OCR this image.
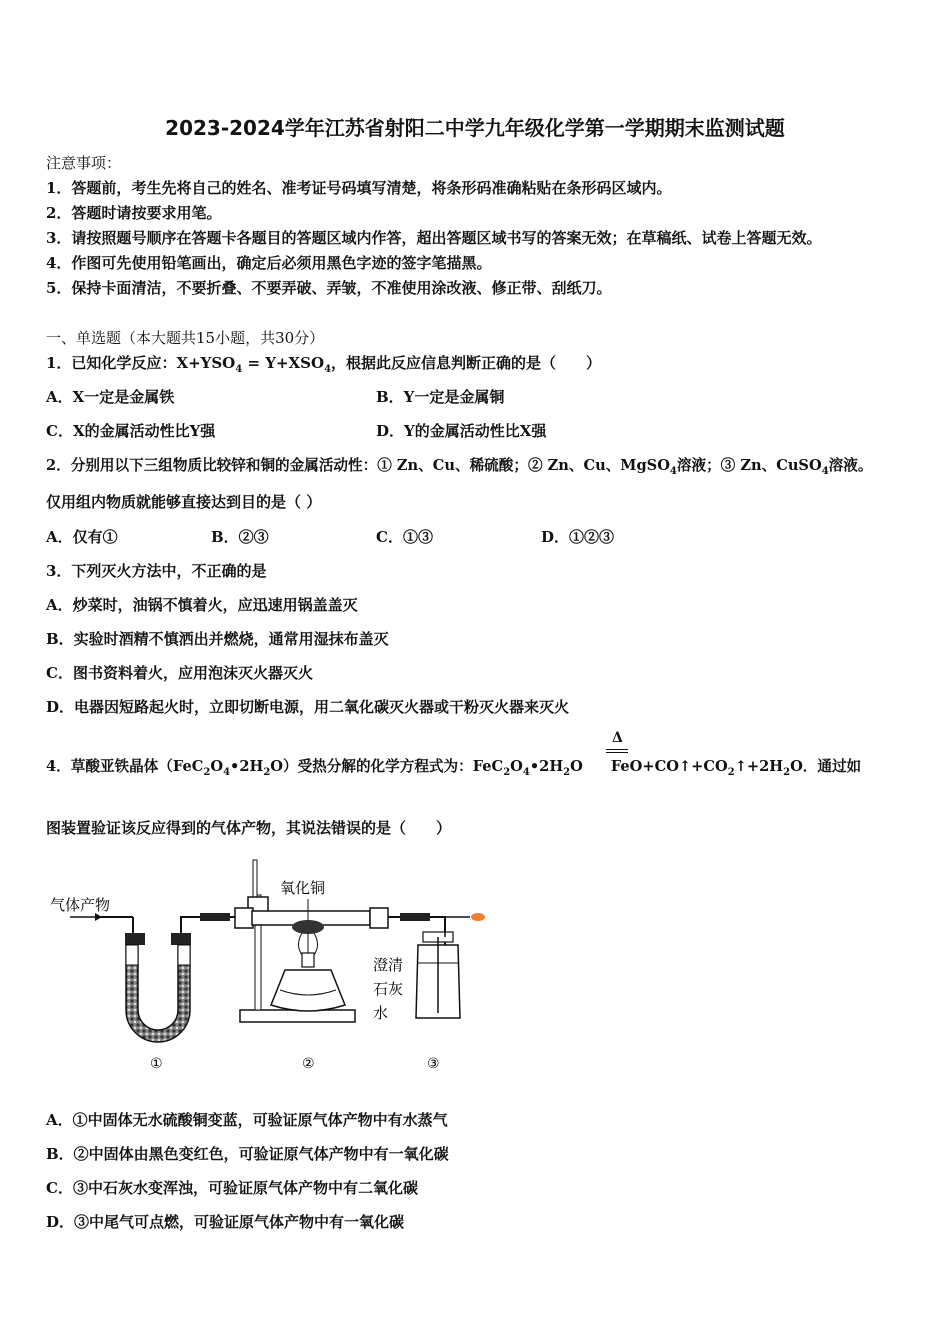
2023-2024学年江苏省射阳二中学九年级化学第一学期期末监测试题
注意事项：
1．答题前，考生先将自己的姓名、准考证号码填写清楚，将条形码准确粘贴在条形码区域内。
2．答题时请按要求用笔。
3．请按照题号顺序在答题卡各题目的答题区域内作答，超出答题区域书写的答案无效；在草稿纸、试卷上答题无效。
4．作图可先使用铅笔画出，确定后必须用黑色字迹的签字笔描黑。
5．保持卡面清洁，不要折叠、不要弄破、弄皱，不准使用涂改液、修正带、刮纸刀。
一、单选题（本大题共15小题，共30分）
1．已知化学反应：$X+YSO_4 = Y+XSO_4$，根据此反应信息判断正确的是（　　）
A．X一定是金属铁	B．Y一定是金属铜
C．X的金属活动性比Y强	D．Y的金属活动性比X强
2．分别用以下三组物质比较锌和铜的金属活动性：① Zn、Cu、稀硫酸；② Zn、Cu、MgSO$_4$溶液；③ Zn、CuSO$_4$溶液。
仅用组内物质就能够直接达到目的是（ ）
A．仅有①	B．②③	C．①③	D．①②③
3．下列灭火方法中，不正确的是
A．炒菜时，油锅不慎着火，应迅速用锅盖盖灭
B．实验时酒精不慎洒出并燃烧，通常用湿抹布盖灭
C．图书资料着火，应用泡沫灭火器灭火
D．电器因短路起火时，立即切断电源，用二氧化碳灭火器或干粉灭火器来灭火
Δ
4．草酸亚铁晶体$(FeC_2O_4•2H_2O)$受热分解的化学方程式为：$FeC_2O_4•2H_2O$ $FeO+CO↑+CO_2↑+2H_2O$．通过如
图装置验证该反应得到的气体产物，其说法错误的是（　　）
气体产物
氧化铜
澄清
石灰
水
①	②	③
A．①中固体无水硫酸铜变蓝，可验证原气体产物中有水蒸气
B．②中固体由黑色变红色，可验证原气体产物中有一氧化碳
C．③中石灰水变浑浊，可验证原气体产物中有二氧化碳
D．③中尾气可点燃，可验证原气体产物中有一氧化碳
